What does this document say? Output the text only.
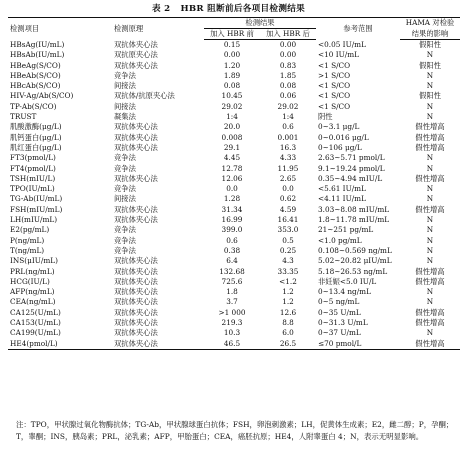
表 2 HBR 阻断前后各项目检测结果
检测项目	检测原理	检测结果		参考范围	HAMA 对检验
		加入 HBR 前	加入 HBR 后		结果的影响
HBsAg(IU/mL)	双抗体夹心法	0.15	0.00	<0.05 IU/mL	假阳性
HBsAb(IU/mL)	双抗原夹心法	0.00	0.00	<10 IU/mL	N
HBeAg(S/CO)	双抗体夹心法	1.20	0.83	<1 S/CO	假阳性
HBeAb(S/CO)	竞争法	1.89	1.85	>1 S/CO	N
HBcAb(S/CO)	间接法	0.08	0.08	<1 S/CO	N
HIV-Ag/Ab(S/CO)	双抗体/抗原夹心法	10.45	0.06	<1 S/CO	假阳性
TP-Ab(S/CO)	间接法	29.02	29.02	<1 S/CO	N
TRUST	凝集法	1:4	1:4	阴性	N
肌酸激酶(μg/L)	双抗体夹心法	20.0	0.6	0~3.1 μg/L	假性增高
肌钙蛋白(μg/L)	双抗体夹心法	0.008	0.001	0~0.016 μg/L	假性增高
肌红蛋白(μg/L)	双抗体夹心法	29.1	16.3	0~106 μg/L	假性增高
FT3(pmol/L)	竞争法	4.45	4.33	2.63~5.71 pmol/L	N
FT4(pmol/L)	竞争法	12.78	11.95	9.1~19.24 pmol/L	N
TSH(mIU/L)	双抗体夹心法	12.06	2.65	0.35~4.94 mIU/L	假性增高
TPO(IU/mL)	竞争法	0.0	0.0	<5.61 IU/mL	N
TG-Ab(IU/mL)	间接法	1.28	0.62	<4.11 IU/mL	N
FSH(mIU/mL)	双抗体夹心法	31.34	4.59	3.03~8.08 mIU/mL	假性增高
LH(mIU/mL)	双抗体夹心法	16.99	16.41	1.8~11.78 mIU/mL	N
E2(pg/mL)	竞争法	399.0	353.0	21~251 pg/mL	N
P(ng/mL)	竞争法	0.6	0.5	<1.0 pg/mL	N
T(ng/mL)	竞争法	0.38	0.25	0.108~0.569 ng/mL	N
INS(μIU/mL)	双抗体夹心法	6.4	4.3	5.02~20.82 μIU/mL	N
PRL(ng/mL)	双抗体夹心法	132.68	33.35	5.18~26.53 ng/mL	假性增高
HCG(IU/L)	双抗体夹心法	725.6	<1.2	非妊娠<5.0 IU/L	假性增高
AFP(ng/mL)	双抗体夹心法	1.8	1.2	0~13.4 ng/mL	N
CEA(ng/mL)	双抗体夹心法	3.7	1.2	0~5 ng/mL	N
CA125(U/mL)	双抗体夹心法	>1 000	12.6	0~35 U/mL	假性增高
CA153(U/mL)	双抗体夹心法	219.3	8.8	0~31.3 U/mL	假性增高
CA199(U/mL)	双抗体夹心法	10.3	6.0	0~37 U/mL	N
HE4(pmol/L)	双抗体夹心法	46.5	26.5	≤70 pmol/L	假性增高
注：TPO，甲状腺过氧化物酶抗体；TG-Ab，甲状腺球蛋白抗体；FSH，卵泡刺激素；LH，促黄体生成素；E2，雌二醇；P，孕酮；T，睾酮；INS，胰岛素；PRL，泌乳素；AFP，甲胎蛋白；CEA，癌胚抗原；HE4，人附睾蛋白 4；N，表示无明显影响。
